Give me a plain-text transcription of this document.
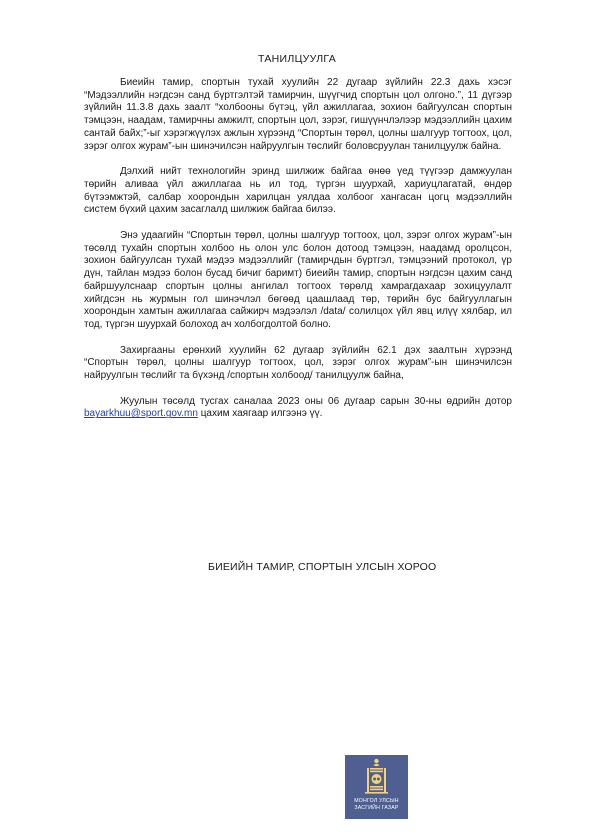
ТАНИЛЦУУЛГА

Биеийн тамир, спортын тухай хуулийн 22 дугаар зүйлийн 22.3 дахь хэсэг “Мэдээллийн нэгдсэн санд бүртгэлтэй тамирчин, шүүгчид спортын цол олгоно.”, 11 дүгээр зүйлийн 11.3.8 дахь заалт “холбооны бүтэц, үйл ажиллагаа, зохион байгуулсан спортын тэмцээн, наадам, тамирчны амжилт, спортын цол, зэрэг, гишүүнчлэлээр мэдээллийн цахим сантай байх;”-ыг хэрэгжүүлэх ажлын хүрээнд “Спортын төрөл, цолны шалгуур тогтоох, цол, зэрэг олгох журам”-ын шинэчилсэн найруулгын төслийг боловсруулан танилцуулж байна.

Дэлхий нийт технологийн эринд шилжиж байгаа өнөө үед түүгээр дамжуулан төрийн аливаа үйл ажиллагаа нь ил тод, түргэн шуурхай, хариуцлагатай, өндөр бүтээмжтэй, салбар хоорондын харилцан уялдаа холбоог хангасан цогц мэдээллийн систем бүхий цахим засаглалд шилжиж байгаа билээ.

Энэ удаагийн “Спортын төрөл, цолны шалгуур тогтоох, цол, зэрэг олгох журам”-ын төсөлд тухайн спортын холбоо нь олон улс болон дотоод тэмцээн, наадамд оролцсон, зохион байгуулсан тухай мэдээ мэдээллийг (тамирчдын бүртгэл, тэмцээний протокол, үр дүн, тайлан мэдээ болон бусад бичиг баримт) биеийн тамир, спортын нэгдсэн цахим санд байршуулснаар спортын цолны ангилал тогтоох төрөлд хамрагдахаар зохицуулалт хийгдсэн нь журмын гол шинэчлэл бөгөөд цаашлаад төр, төрийн бус байгууллагын хоорондын хамтын ажиллагаа сайжирч мэдээлэл /data/ солилцох үйл явц илүү хялбар, ил тод, түргэн шуурхай болоход ач холбогдолтой болно.

Захиргааны ерөнхий хуулийн 62 дугаар зүйлийн 62.1 дэх заалтын хүрээнд “Спортын төрөл, цолны шалгуур тогтоох, цол, зэрэг олгох журам”-ын шинэчилсэн найруулгын төслийг та бүхэнд /спортын холбоод/ танилцуулж байна,

Жуулын төсөлд тусгах саналаа 2023 оны 06 дугаар сарын 30-ны өдрийн дотор bayarkhuu@sport.gov.mn цахим хаягаар илгээнэ үү.

БИЕИЙН ТАМИР, СПОРТЫН УЛСЫН ХОРОО
МОНГОЛ УЛСЫН
ЗАСГИЙН ГАЗАР
